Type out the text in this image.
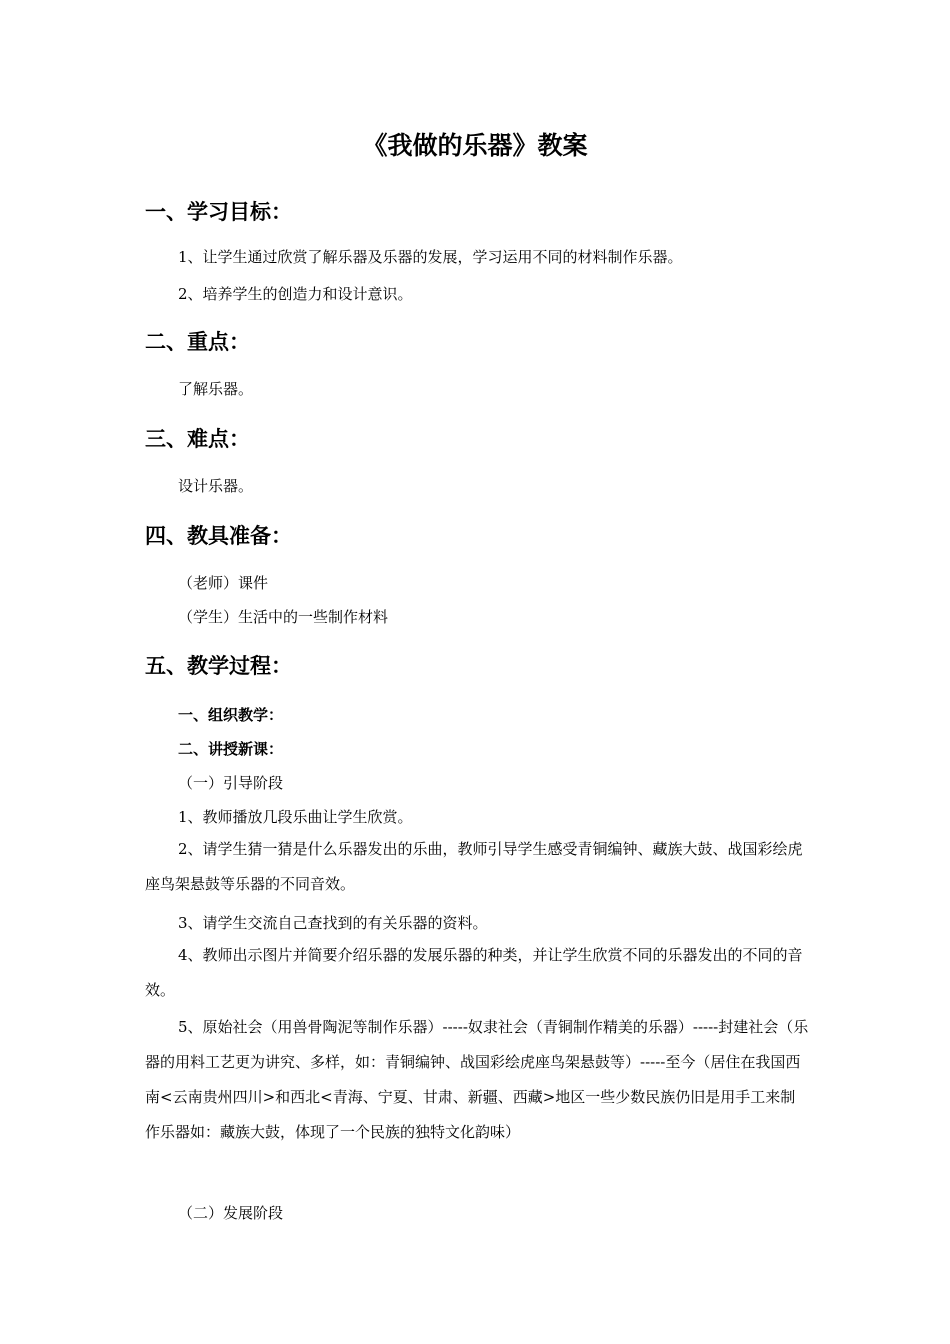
《我做的乐器》教案
一、学习目标：
1、让学生通过欣赏了解乐器及乐器的发展，学习运用不同的材料制作乐器。
2、培养学生的创造力和设计意识。
二、重点：
了解乐器。
三、难点：
设计乐器。
四、教具准备：
（老师）课件
（学生）生活中的一些制作材料
五、教学过程：
一、组织教学：
二、讲授新课：
（一）引导阶段
1、教师播放几段乐曲让学生欣赏。
2、请学生猜一猜是什么乐器发出的乐曲，教师引导学生感受青铜编钟、藏族大鼓、战国彩绘虎座鸟架悬鼓等乐器的不同音效。
3、请学生交流自己查找到的有关乐器的资料。
4、教师出示图片并简要介绍乐器的发展乐器的种类，并让学生欣赏不同的乐器发出的不同的音效。
5、原始社会（用兽骨陶泥等制作乐器）-----奴隶社会（青铜制作精美的乐器）-----封建社会（乐器的用料工艺更为讲究、多样，如：青铜编钟、战国彩绘虎座鸟架悬鼓等）-----至今（居住在我国西南<云南贵州四川>和西北<青海、宁夏、甘肃、新疆、西藏>地区一些少数民族仍旧是用手工来制作乐器如：藏族大鼓，体现了一个民族的独特文化韵味）
（二）发展阶段
